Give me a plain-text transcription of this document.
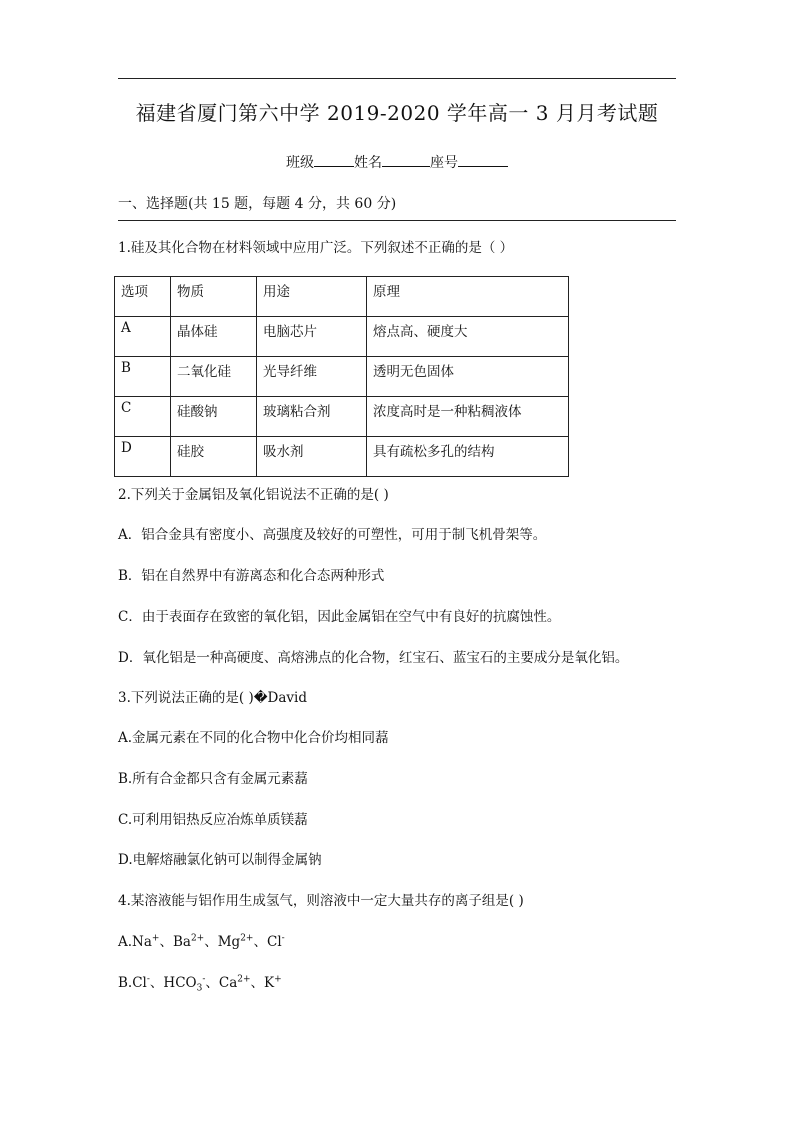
福建省厦门第六中学 2019-2020 学年高一 3 月月考试题
班级	姓名	座号
一、选择题(共 15 题，每题 4 分，共 60 分)
1.硅及其化合物在材料领域中应用广泛。下列叙述不正确的是（ ）
选项	物质	用途	原理
A	晶体硅	电脑芯片	熔点高、硬度大
B	二氧化硅	光导纤维	透明无色固体
C	硅酸钠	玻璃粘合剂	浓度高时是一种粘稠液体
D	硅胶	吸水剂	具有疏松多孔的结构
2.下列关于金属铝及氧化铝说法不正确的是( )
A．铝合金具有密度小、高强度及较好的可塑性，可用于制飞机骨架等。
B．铝在自然界中有游离态和化合态两种形式
C．由于表面存在致密的氧化铝，因此金属铝在空气中有良好的抗腐蚀性。
D．氧化铝是一种高硬度、高熔沸点的化合物，红宝石、蓝宝石的主要成分是氧化铝。
3.下列说法正确的是( )�David
A.金属元素在不同的化合物中化合价均相同藞
B.所有合金都只含有金属元素藞
C.可利用铝热反应冶炼单质镁藞
D.电解熔融氯化钠可以制得金属钠
4.某溶液能与铝作用生成氢气，则溶液中一定大量共存的离子组是( )
A.Na+、$Ba^{2+}$、$Mg^{2+}$、Cl-
B.Cl-、$HCO_3^-$、$Ca^{2+}$、K+
